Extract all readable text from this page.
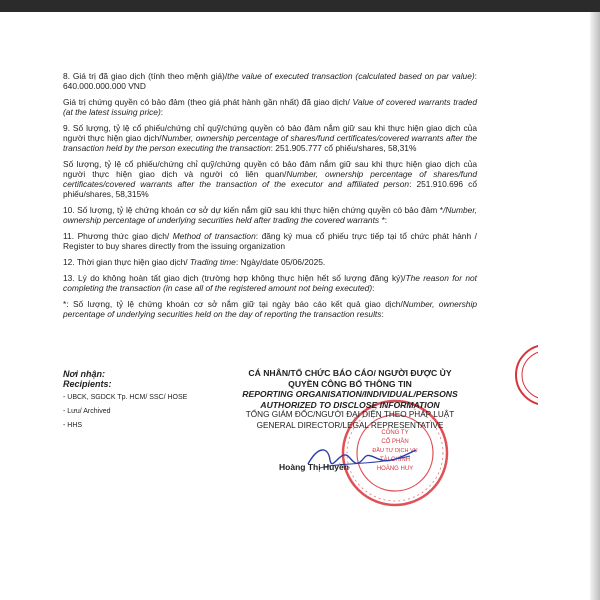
8. Giá trị đã giao dịch (tính theo mệnh giá)/the value of executed transaction (calculated based on par value): 640.000.000.000 VND

Giá trị chứng quyền có bảo đảm (theo giá phát hành gần nhất) đã giao dịch/ Value of covered warrants traded (at the latest issuing price):

9. Số lượng, tỷ lệ cổ phiếu/chứng chỉ quỹ/chứng quyền có bảo đảm nắm giữ sau khi thực hiện giao dịch của người thực hiện giao dịch/Number, ownership percentage of shares/fund certificates/covered warrants after the transaction held by the person executing the transaction: 251.905.777 cổ phiếu/shares, 58,31%

Số lượng, tỷ lệ cổ phiếu/chứng chỉ quỹ/chứng quyền có bảo đảm nắm giữ sau khi thực hiện giao dịch của người thực hiện giao dịch và người có liên quan/Number, ownership percentage of shares/fund certificates/covered warrants after the transaction of the executor and affiliated person: 251.910.696 cổ phiếu/shares, 58,315%

10. Số lượng, tỷ lệ chứng khoán cơ sở dự kiến nắm giữ sau khi thực hiện chứng quyền có bảo đảm */Number, ownership percentage of underlying securities held after trading the covered warrants *:

11. Phương thức giao dịch/ Method of transaction: đăng ký mua cổ phiếu trực tiếp tại tổ chức phát hành / Register to buy shares directly from the issuing organization

12. Thời gian thực hiện giao dịch/ Trading time: Ngày/date 05/06/2025.

13. Lý do không hoàn tất giao dịch (trường hợp không thực hiện hết số lượng đăng ký)/The reason for not completing the transaction (in case all of the registered amount not being executed):

*: Số lượng, tỷ lệ chứng khoán cơ sở nắm giữ tại ngày báo cáo kết quả giao dịch/Number, ownership percentage of underlying securities held on the day of reporting the transaction results:

Nơi nhận:
Recipients:
- UBCK, SGDCK Tp. HCM/ SSC/ HOSE
- Lưu/ Archived
- HHS
CÔNG TY
CỔ PHẦN
ĐẦU TƯ DỊCH VỤ
TÀI CHÍNH
HOÀNG HUY
CÁ NHÂN/TỔ CHỨC BÁO CÁO/ NGƯỜI ĐƯỢC ỦY
QUYỀN CÔNG BỐ THÔNG TIN
REPORTING ORGANISATION/INDIVIDUAL/PERSONS
AUTHORIZED TO DISCLOSE INFORMATION
TỔNG GIÁM ĐỐC/NGƯỜI ĐẠI DIỆN THEO PHÁP LUẬT
GENERAL DIRECTOR/LEGAL REPRESENTATIVE
Hoàng Thị Huyền
